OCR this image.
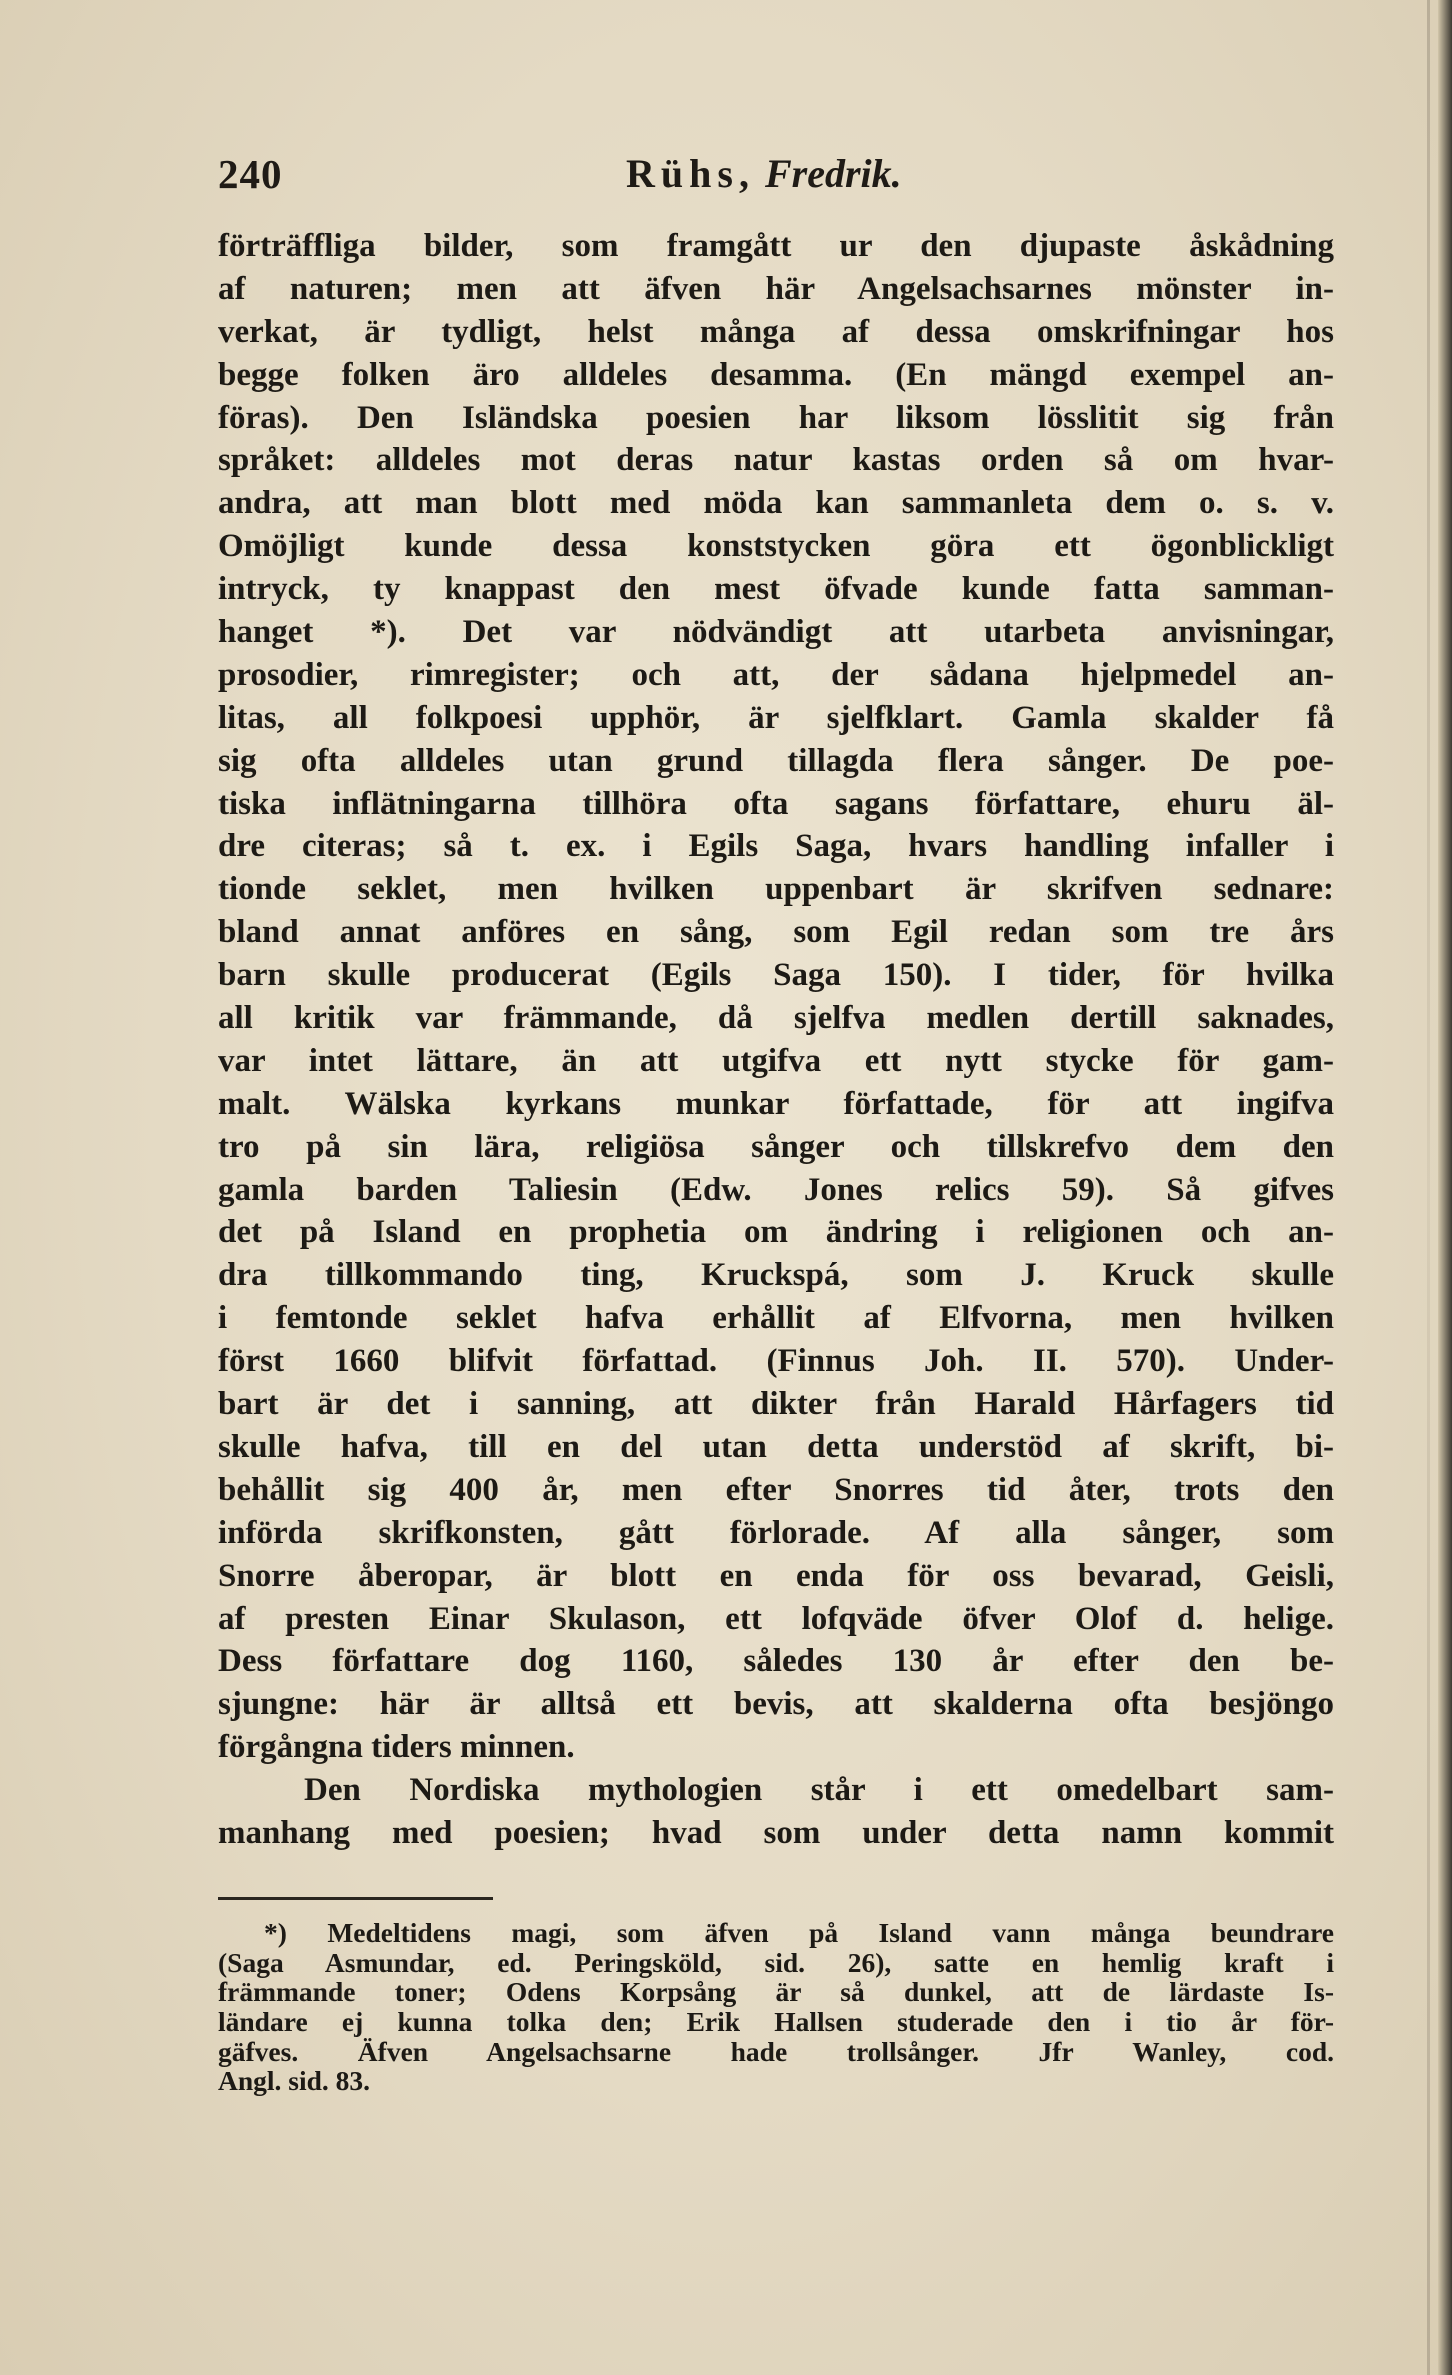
240	Rühs, Fredrik.
förträffliga bilder, som framgått ur den djupaste åskådning
af naturen; men att äfven här Angelsachsarnes mönster in-
verkat, är tydligt, helst många af dessa omskrifningar hos
begge folken äro alldeles desamma. (En mängd exempel an-
föras). Den Isländska poesien har liksom lösslitit sig från
språket: alldeles mot deras natur kastas orden så om hvar-
andra, att man blott med möda kan sammanleta dem o. s. v.
Omöjligt kunde dessa konststycken göra ett ögonblickligt
intryck, ty knappast den mest öfvade kunde fatta samman-
hanget *). Det var nödvändigt att utarbeta anvisningar,
prosodier, rimregister; och att, der sådana hjelpmedel an-
litas, all folkpoesi upphör, är sjelfklart. Gamla skalder få
sig ofta alldeles utan grund tillagda flera sånger. De poe-
tiska inflätningarna tillhöra ofta sagans författare, ehuru äl-
dre citeras; så t. ex. i Egils Saga, hvars handling infaller i
tionde seklet, men hvilken uppenbart är skrifven sednare:
bland annat anföres en sång, som Egil redan som tre års
barn skulle producerat (Egils Saga 150). I tider, för hvilka
all kritik var främmande, då sjelfva medlen dertill saknades,
var intet lättare, än att utgifva ett nytt stycke för gam-
malt. Wälska kyrkans munkar författade, för att ingifva
tro på sin lära, religiösa sånger och tillskrefvo dem den
gamla barden Taliesin (Edw. Jones relics 59). Så gifves
det på Island en prophetia om ändring i religionen och an-
dra tillkommando ting, Kruckspá, som J. Kruck skulle
i femtonde seklet hafva erhållit af Elfvorna, men hvilken
först 1660 blifvit författad. (Finnus Joh. II. 570). Under-
bart är det i sanning, att dikter från Harald Hårfagers tid
skulle hafva, till en del utan detta understöd af skrift, bi-
behållit sig 400 år, men efter Snorres tid åter, trots den
införda skrifkonsten, gått förlorade. Af alla sånger, som
Snorre åberopar, är blott en enda för oss bevarad, Geisli,
af presten Einar Skulason, ett lofqväde öfver Olof d. helige.
Dess författare dog 1160, således 130 år efter den be-
sjungne: här är alltså ett bevis, att skalderna ofta besjöngo
förgångna tiders minnen.
Den Nordiska mythologien står i ett omedelbart sam-
manhang med poesien; hvad som under detta namn kommit
*) Medeltidens magi, som äfven på Island vann många beundrare
(Saga Asmundar, ed. Peringsköld, sid. 26), satte en hemlig kraft i
främmande toner; Odens Korpsång är så dunkel, att de lärdaste Is-
ländare ej kunna tolka den; Erik Hallsen studerade den i tio år för-
gäfves. Äfven Angelsachsarne hade trollsånger. Jfr Wanley, cod.
Angl. sid. 83.
